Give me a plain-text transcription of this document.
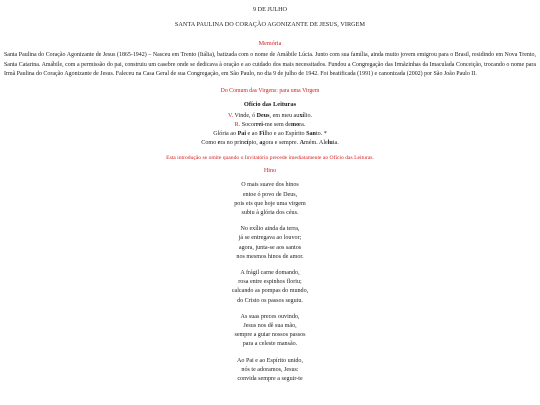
9 DE JULHO
SANTA PAULINA DO CORAÇÃO AGONIZANTE DE JESUS, VIRGEM
Memória
Santa Paulina do Coração Agonizante de Jesus (1865-1942) – Nasceu em Trento (Itália), batizada com o nome de Amábile Lúcia. Junto com sua família, ainda muito jovem emigrou para o Brasil, residindo em Nova Trento, Santa Catarina. Amábile, com a permissão do pai, construiu um casebre onde se dedicava à oração e ao cuidado dos mais necessitados. Fundou a Congregação das Irmãzinhas da Imaculada Conceição, trocando o nome para Irmã Paulina do Coração Agonizante de Jesus. Faleceu na Casa Geral de sua Congregação, em São Paulo, no dia 9 de julho de 1942. Foi beatificada (1991) e canonizada (2002) por São João Paulo II.
Do Comum das Virgens: para uma Virgem
Ofício das Leituras
V. Vinde, ó Deus, em meu auxílio.
R. Socorrei-me sem demora.
Glória ao Pai e ao Filho e ao Espírito Santo. *
Como era no princípio, agora e sempre. Amém. Aleluia.
Esta introdução se omite quando o Invitatório precede imediatamente ao Ofício das Leituras.
Hino
O mais suave dos hinos
entoe ó povo de Deus,
pois eis que hoje uma virgem
subiu à glória dos céus.
No exílio ainda da terra,
já se entregava ao louvor;
agora, junta-se aos santos
nos mesmos hinos de amor.
A frágil carne domando,
rosa entre espinhos floriu;
calcando as pompas do mundo,
do Cristo os passos seguiu.
As suas preces ouvindo,
Jesus nos dê sua mão,
sempre a guiar nossos passos
para a celeste mansão.
Ao Pai e ao Espírito unido,
nós te adoramos, Jesus:
convida sempre a seguir-te
